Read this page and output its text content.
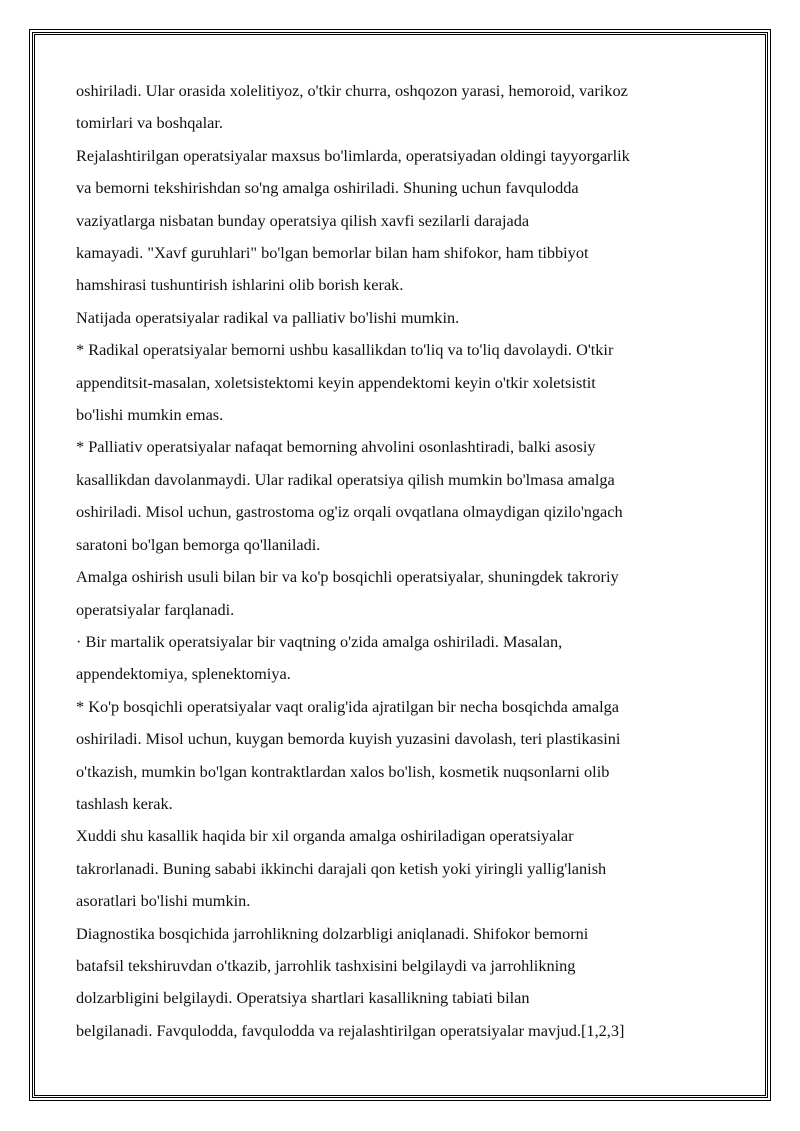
oshiriladi. Ular orasida xolelitiyoz, o'tkir churra, oshqozon yarasi, hemoroid, varikoz
tomirlari va boshqalar.
Rejalashtirilgan operatsiyalar maxsus bo'limlarda, operatsiyadan oldingi tayyorgarlik
va bemorni tekshirishdan so'ng amalga oshiriladi. Shuning uchun favqulodda
vaziyatlarga nisbatan bunday operatsiya qilish xavfi sezilarli darajada
kamayadi. "Xavf guruhlari" bo'lgan bemorlar bilan ham shifokor, ham tibbiyot
hamshirasi tushuntirish ishlarini olib borish kerak.
Natijada operatsiyalar radikal va palliativ bo'lishi mumkin.
* Radikal operatsiyalar bemorni ushbu kasallikdan to'liq va to'liq davolaydi. O'tkir
appenditsit-masalan, xoletsistektomi keyin appendektomi keyin o'tkir xoletsistit
bo'lishi mumkin emas.
* Palliativ operatsiyalar nafaqat bemorning ahvolini osonlashtiradi, balki asosiy
kasallikdan davolanmaydi. Ular radikal operatsiya qilish mumkin bo'lmasa amalga
oshiriladi. Misol uchun, gastrostoma og'iz orqali ovqatlana olmaydigan qizilo'ngach
saratoni bo'lgan bemorga qo'llaniladi.
Amalga oshirish usuli bilan bir va ko'p bosqichli operatsiyalar, shuningdek takroriy
operatsiyalar farqlanadi.
· Bir martalik operatsiyalar bir vaqtning o'zida amalga oshiriladi. Masalan,
appendektomiya, splenektomiya.
* Ko'p bosqichli operatsiyalar vaqt oralig'ida ajratilgan bir necha bosqichda amalga
oshiriladi. Misol uchun, kuygan bemorda kuyish yuzasini davolash, teri plastikasini
o'tkazish, mumkin bo'lgan kontraktlardan xalos bo'lish, kosmetik nuqsonlarni olib
tashlash kerak.
Xuddi shu kasallik haqida bir xil organda amalga oshiriladigan operatsiyalar
takrorlanadi. Buning sababi ikkinchi darajali qon ketish yoki yiringli yallig'lanish
asoratlari bo'lishi mumkin.
Diagnostika bosqichida jarrohlikning dolzarbligi aniqlanadi. Shifokor bemorni
batafsil tekshiruvdan o'tkazib, jarrohlik tashxisini belgilaydi va jarrohlikning
dolzarbligini belgilaydi. Operatsiya shartlari kasallikning tabiati bilan
belgilanadi. Favqulodda, favqulodda va rejalashtirilgan operatsiyalar mavjud.[1,2,3]
